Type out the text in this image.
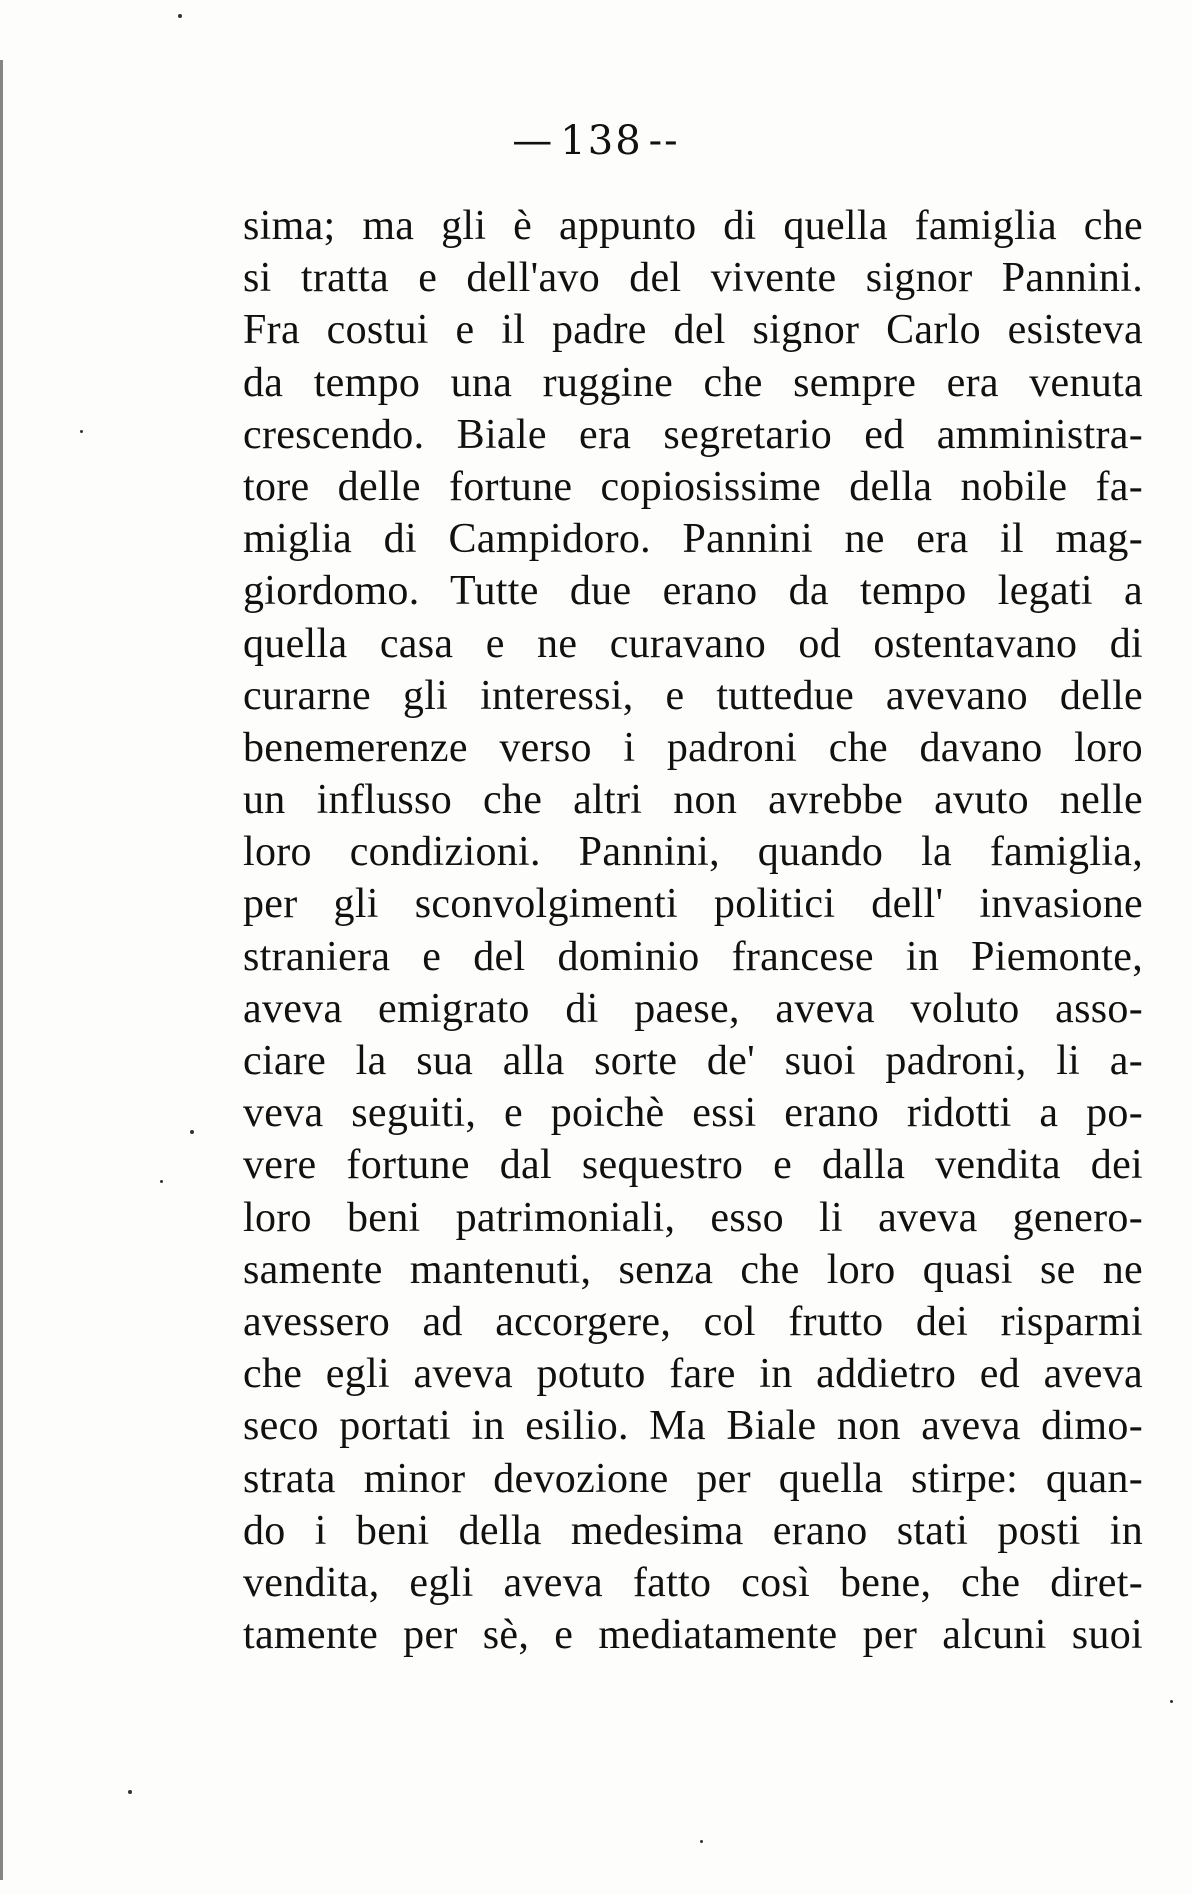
— 138 --
sima; ma gli è appunto di quella famiglia che
si tratta e dell'avo del vivente signor Pannini.
Fra costui e il padre del signor Carlo esisteva
da tempo una ruggine che sempre era venuta
crescendo. Biale era segretario ed amministra-
tore delle fortune copiosissime della nobile fa-
miglia di Campidoro. Pannini ne era il mag-
giordomo. Tutte due erano da tempo legati a
quella casa e ne curavano od ostentavano di
curarne gli interessi, e tuttedue avevano delle
benemerenze verso i padroni che davano loro
un influsso che altri non avrebbe avuto nelle
loro condizioni. Pannini, quando la famiglia,
per gli sconvolgimenti politici dell' invasione
straniera e del dominio francese in Piemonte,
aveva emigrato di paese, aveva voluto asso-
ciare la sua alla sorte de' suoi padroni, li a-
veva seguiti, e poichè essi erano ridotti a po-
vere fortune dal sequestro e dalla vendita dei
loro beni patrimoniali, esso li aveva genero-
samente mantenuti, senza che loro quasi se ne
avessero ad accorgere, col frutto dei risparmi
che egli aveva potuto fare in addietro ed aveva
seco portati in esilio. Ma Biale non aveva dimo-
strata minor devozione per quella stirpe: quan-
do i beni della medesima erano stati posti in
vendita, egli aveva fatto così bene, che diret-
tamente per sè, e mediatamente per alcuni suoi
